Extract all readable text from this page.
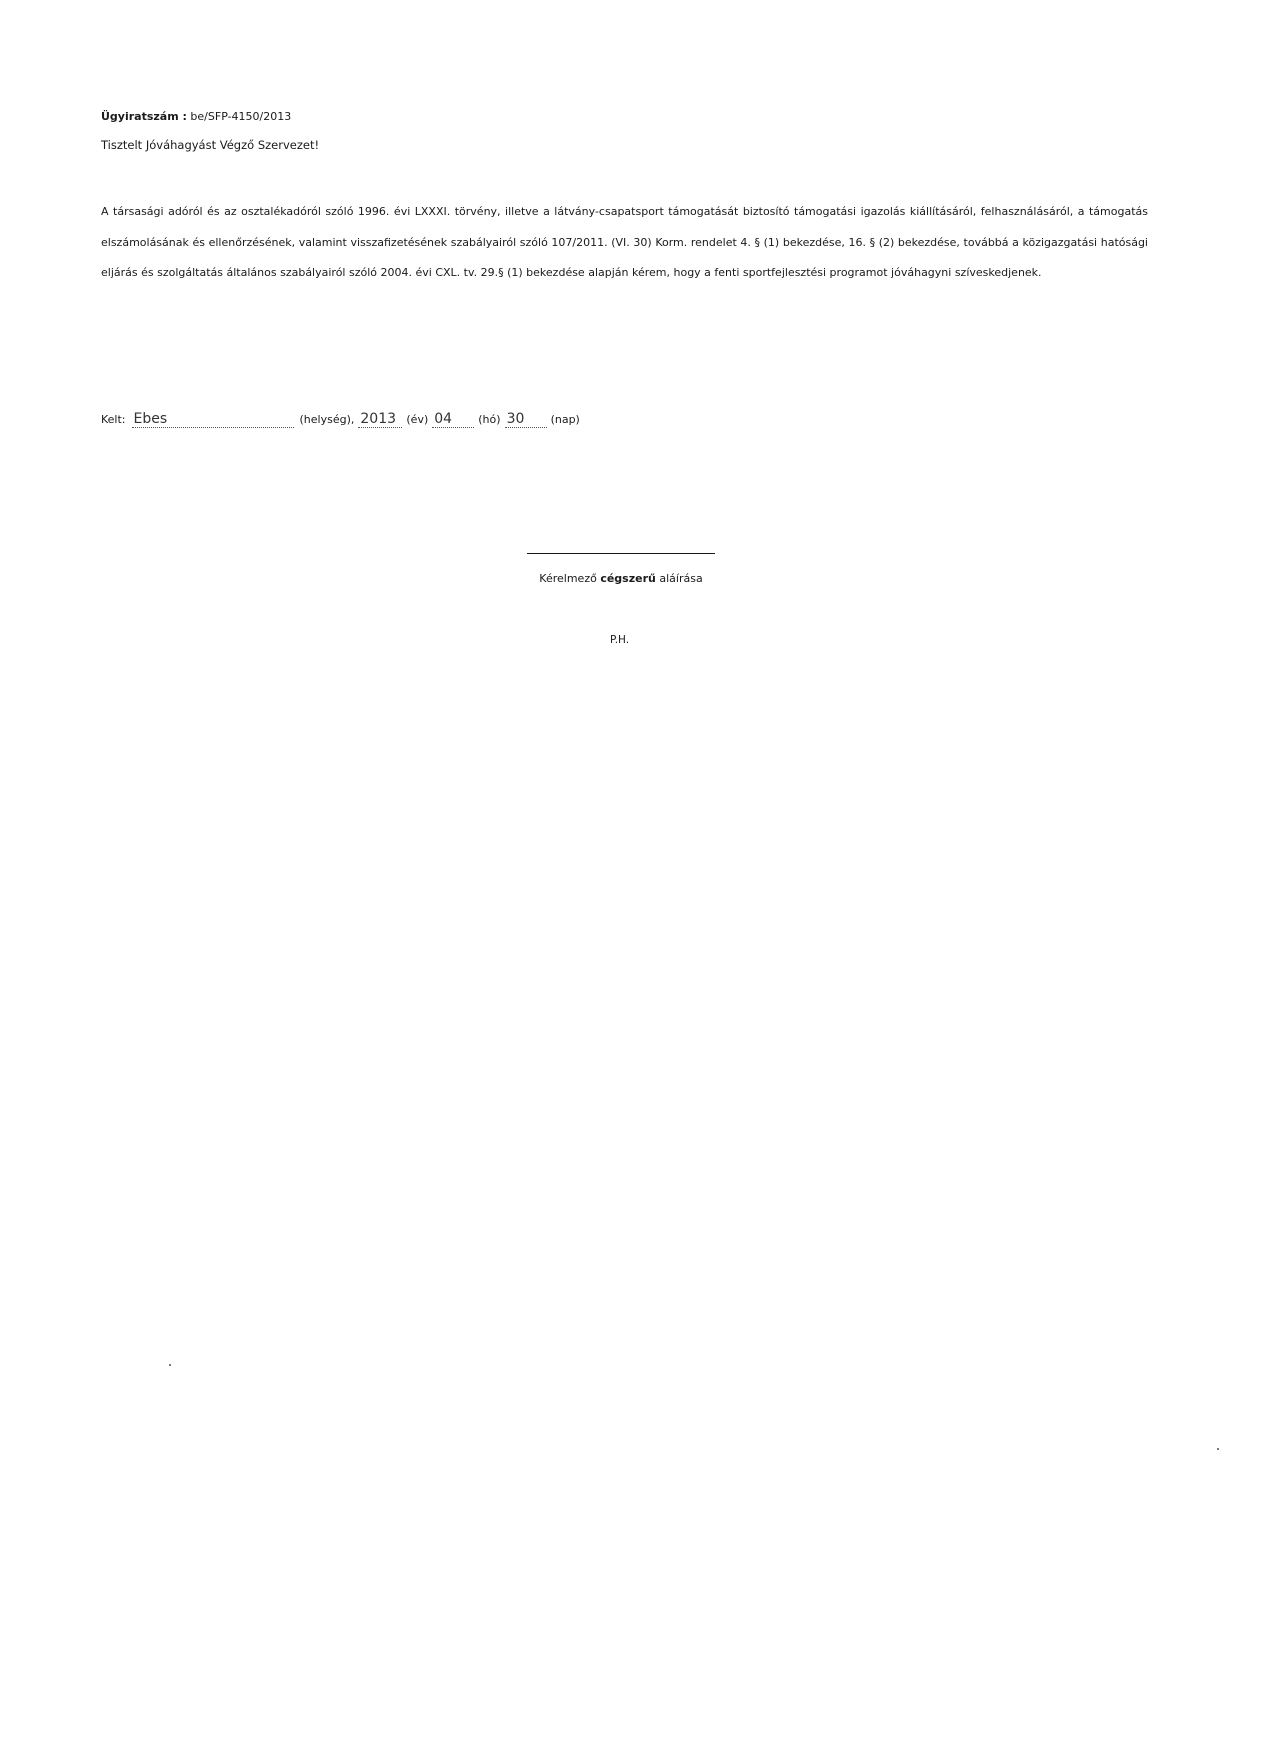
Ügyiratszám : be/SFP-4150/2013
Tisztelt Jóváhagyást Végző Szervezet!
A társasági adóról és az osztalékadóról szóló 1996. évi LXXXI. törvény, illetve a látvány-csapatsport támogatását biztosító támogatási igazolás kiállításáról, felhasználásáról, a támogatás elszámolásának és ellenőrzésének, valamint visszafizetésének szabályairól szóló 107/2011. (VI. 30) Korm. rendelet 4. § (1) bekezdése, 16. § (2) bekezdése, továbbá a közigazgatási hatósági eljárás és szolgáltatás általános szabályairól szóló 2004. évi CXL. tv. 29.§ (1) bekezdése alapján kérem, hogy a fenti sportfejlesztési programot jóváhagyni szíveskedjenek.
Kelt: Ebes	(helység), 2013 (év) 04	(hó) 30	(nap)
Kérelmező cégszerű aláírása
P.H.
